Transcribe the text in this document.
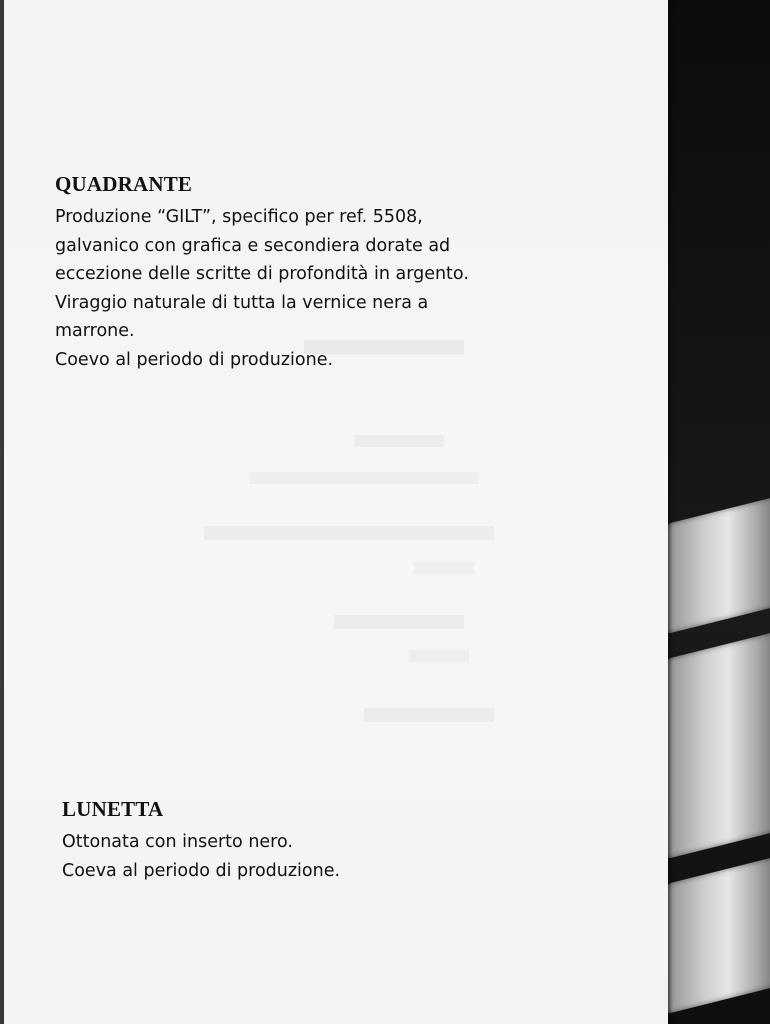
QUADRANTE

Produzione “GILT”, specifico per ref. 5508,
galvanico con grafica e secondiera dorate ad
eccezione delle scritte di profondità in argento.
Viraggio naturale di tutta la vernice nera a
marrone.
Coevo al periodo di produzione.

LUNETTA

Ottonata con inserto nero.
Coeva al periodo di produzione.
